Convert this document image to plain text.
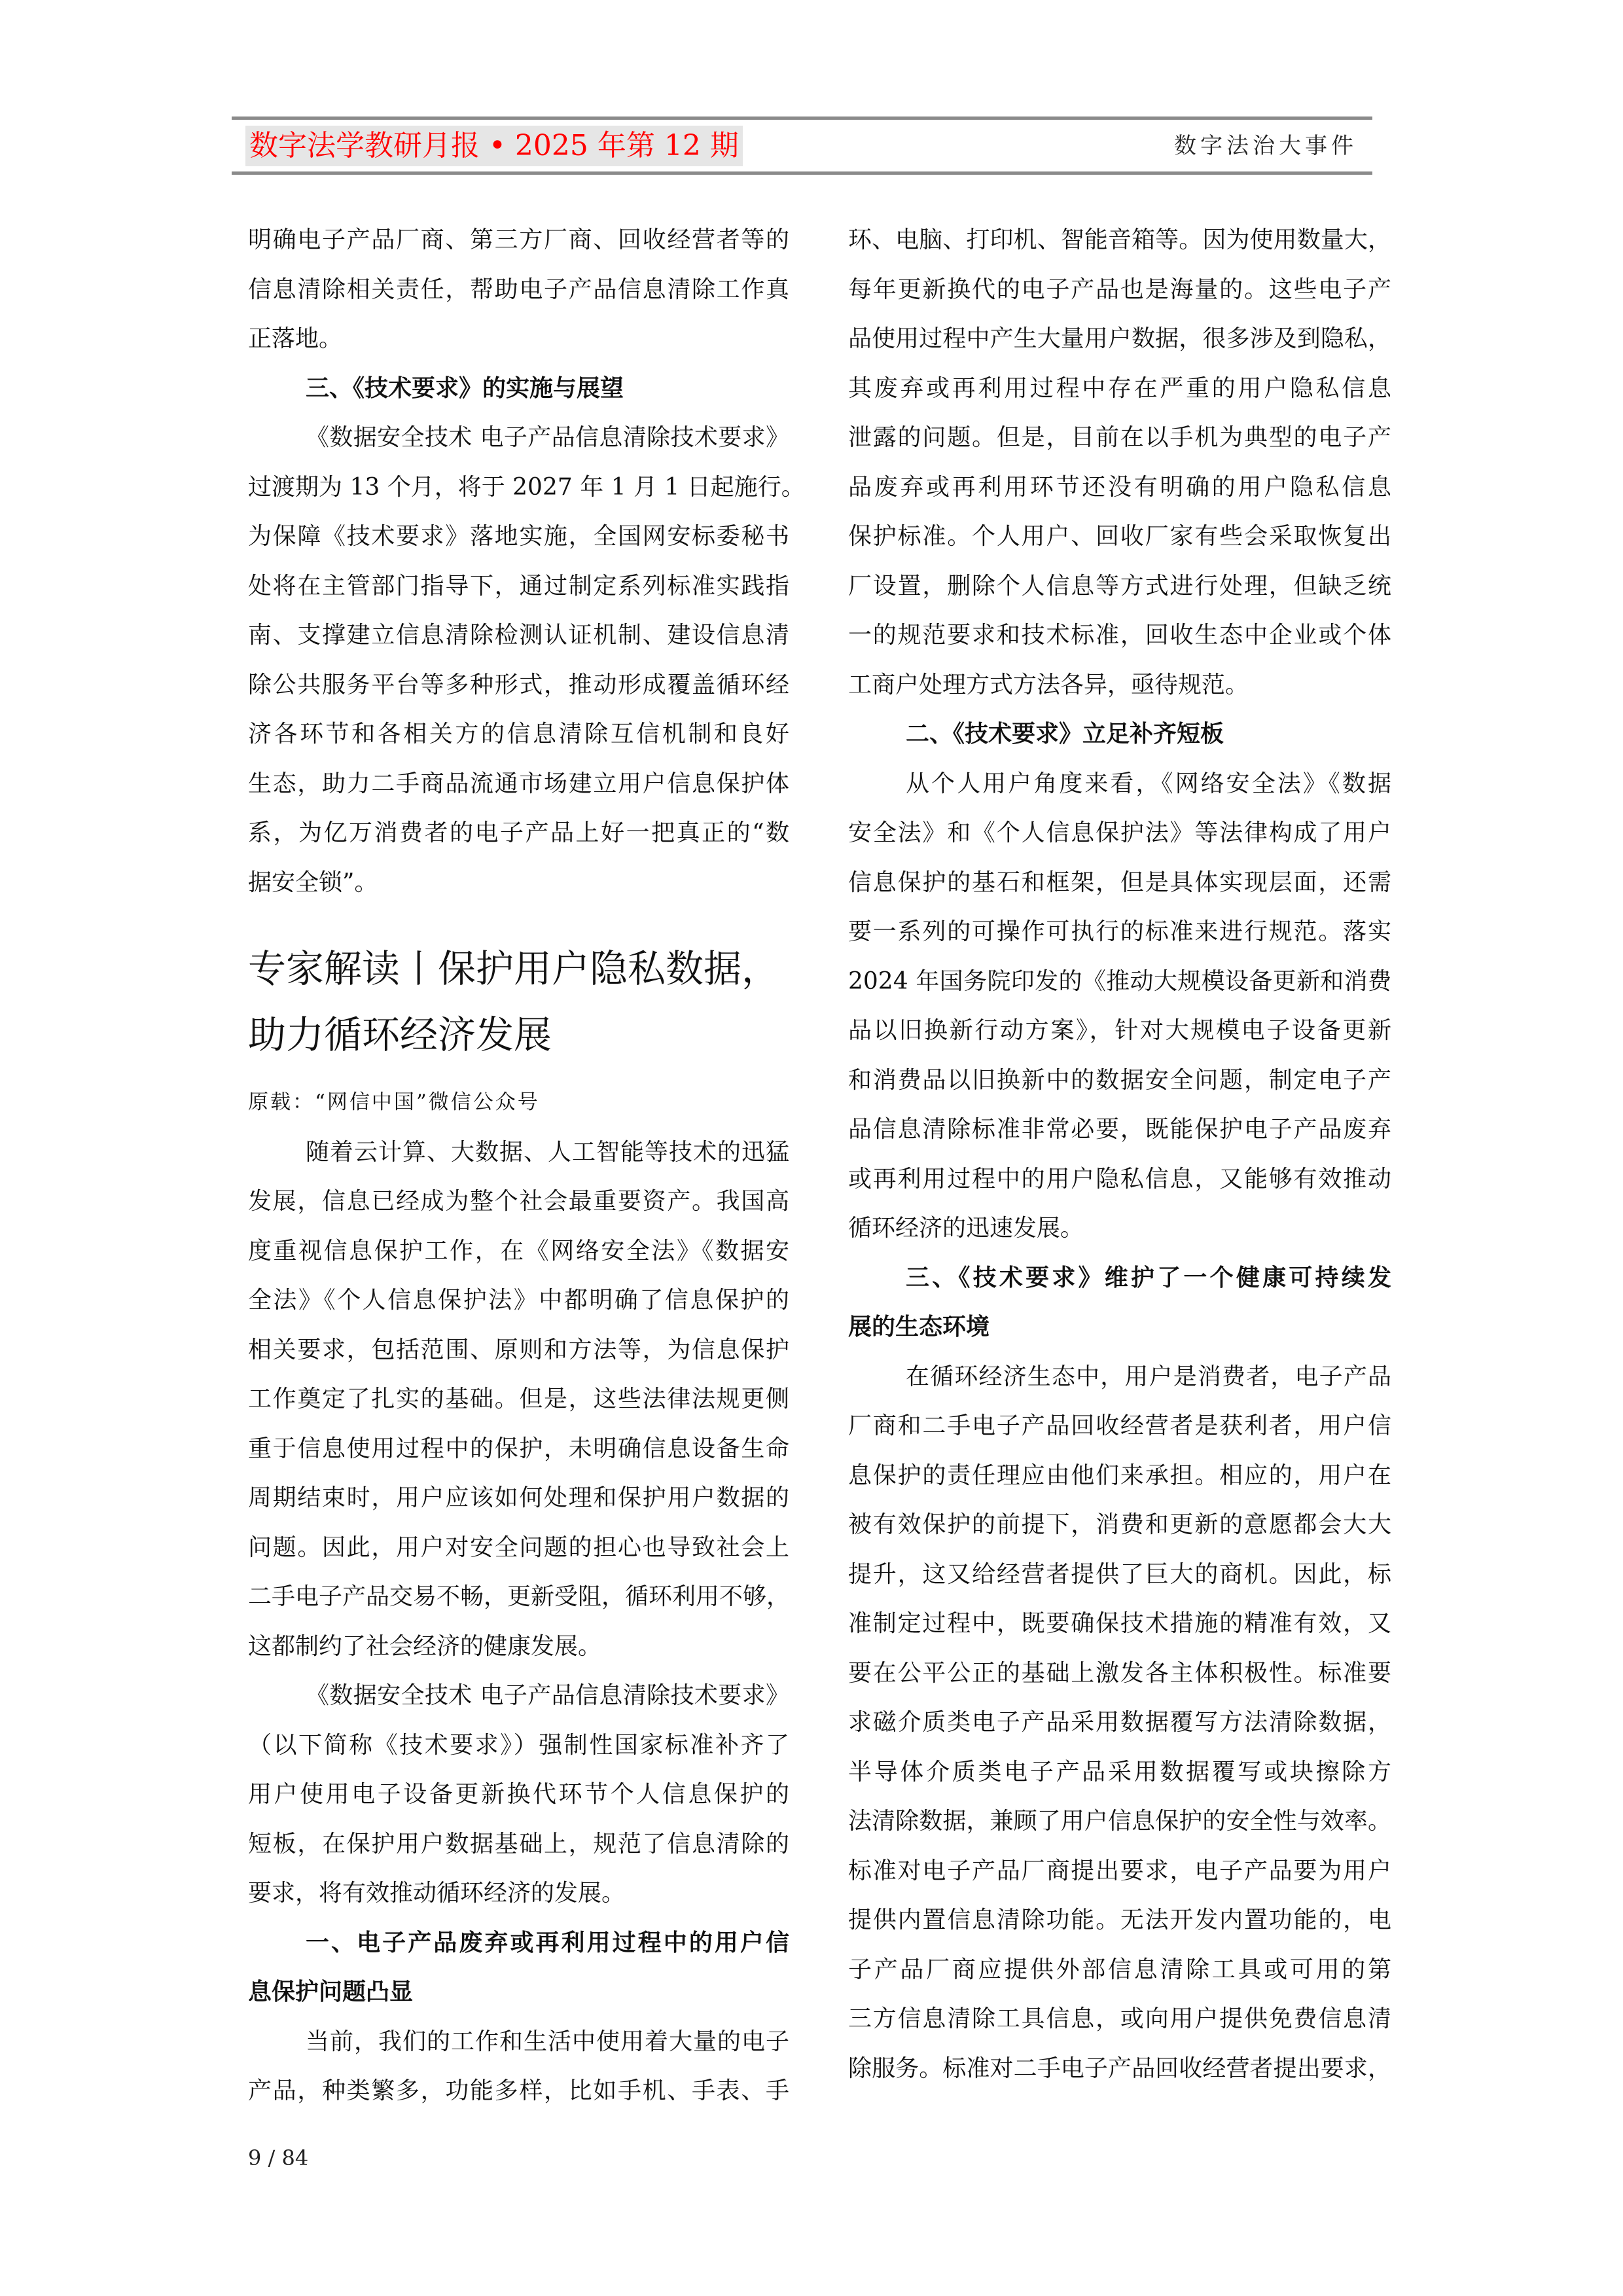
数字法学教研月报 • 2025 年第 12 期	数字法治大事件
明确电子产品厂商、第三方厂商、回收经营者等的
信息清除相关责任，帮助电子产品信息清除工作真
正落地。
三、《技术要求》的实施与展望
《数据安全技术 电子产品信息清除技术要求》
过渡期为 13 个月，将于 2027 年 1 月 1 日起施行。
为保障《技术要求》落地实施，全国网安标委秘书
处将在主管部门指导下，通过制定系列标准实践指
南、支撑建立信息清除检测认证机制、建设信息清
除公共服务平台等多种形式，推动形成覆盖循环经
济各环节和各相关方的信息清除互信机制和良好
生态，助力二手商品流通市场建立用户信息保护体
系，为亿万消费者的电子产品上好一把真正的“数
据安全锁”。
专家解读丨保护用户隐私数据，
助力循环经济发展
原载：“网信中国”微信公众号
随着云计算、大数据、人工智能等技术的迅猛
发展，信息已经成为整个社会最重要资产。我国高
度重视信息保护工作，在《网络安全法》《数据安
全法》《个人信息保护法》中都明确了信息保护的
相关要求，包括范围、原则和方法等，为信息保护
工作奠定了扎实的基础。但是，这些法律法规更侧
重于信息使用过程中的保护，未明确信息设备生命
周期结束时，用户应该如何处理和保护用户数据的
问题。因此，用户对安全问题的担心也导致社会上
二手电子产品交易不畅，更新受阻，循环利用不够，
这都制约了社会经济的健康发展。
《数据安全技术 电子产品信息清除技术要求》
（以下简称《技术要求》）强制性国家标准补齐了
用户使用电子设备更新换代环节个人信息保护的
短板，在保护用户数据基础上，规范了信息清除的
要求，将有效推动循环经济的发展。
一、电子产品废弃或再利用过程中的用户信
息保护问题凸显
当前，我们的工作和生活中使用着大量的电子
产品，种类繁多，功能多样，比如手机、手表、手
环、电脑、打印机、智能音箱等。因为使用数量大，
每年更新换代的电子产品也是海量的。这些电子产
品使用过程中产生大量用户数据，很多涉及到隐私，
其废弃或再利用过程中存在严重的用户隐私信息
泄露的问题。但是，目前在以手机为典型的电子产
品废弃或再利用环节还没有明确的用户隐私信息
保护标准。个人用户、回收厂家有些会采取恢复出
厂设置，删除个人信息等方式进行处理，但缺乏统
一的规范要求和技术标准，回收生态中企业或个体
工商户处理方式方法各异，亟待规范。
二、《技术要求》立足补齐短板
从个人用户角度来看，《网络安全法》《数据
安全法》和《个人信息保护法》等法律构成了用户
信息保护的基石和框架，但是具体实现层面，还需
要一系列的可操作可执行的标准来进行规范。落实
2024 年国务院印发的《推动大规模设备更新和消费
品以旧换新行动方案》，针对大规模电子设备更新
和消费品以旧换新中的数据安全问题，制定电子产
品信息清除标准非常必要，既能保护电子产品废弃
或再利用过程中的用户隐私信息，又能够有效推动
循环经济的迅速发展。
三、《技术要求》维护了一个健康可持续发
展的生态环境
在循环经济生态中，用户是消费者，电子产品
厂商和二手电子产品回收经营者是获利者，用户信
息保护的责任理应由他们来承担。相应的，用户在
被有效保护的前提下，消费和更新的意愿都会大大
提升，这又给经营者提供了巨大的商机。因此，标
准制定过程中，既要确保技术措施的精准有效，又
要在公平公正的基础上激发各主体积极性。标准要
求磁介质类电子产品采用数据覆写方法清除数据，
半导体介质类电子产品采用数据覆写或块擦除方
法清除数据，兼顾了用户信息保护的安全性与效率。
标准对电子产品厂商提出要求，电子产品要为用户
提供内置信息清除功能。无法开发内置功能的，电
子产品厂商应提供外部信息清除工具或可用的第
三方信息清除工具信息，或向用户提供免费信息清
除服务。标准对二手电子产品回收经营者提出要求，
9 / 84
